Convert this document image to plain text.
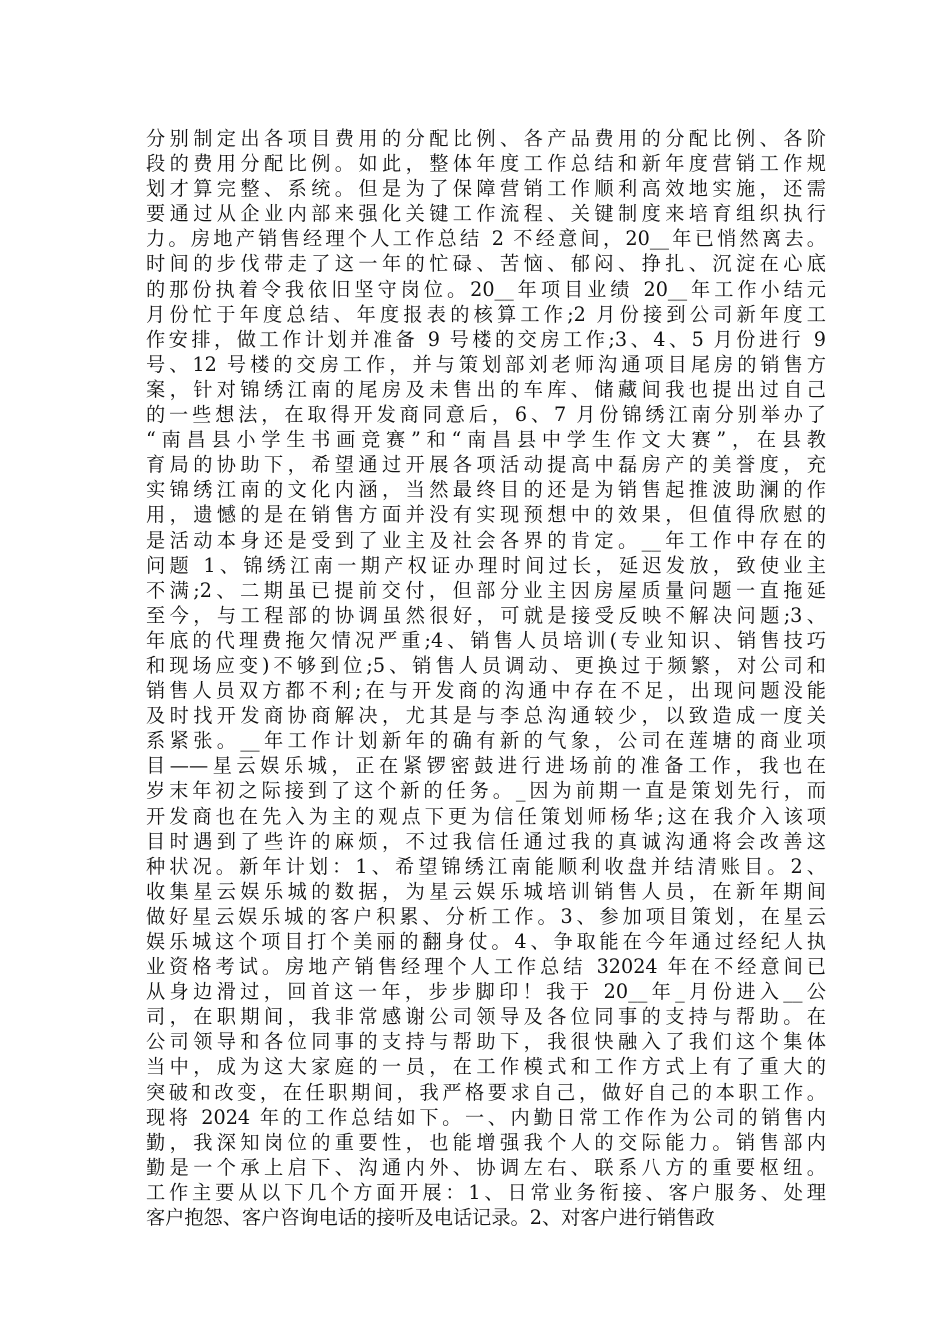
分别制定出各项目费用的分配比例、各产品费用的分配比例、各阶
段的费用分配比例。如此，整体年度工作总结和新年度营销工作规
划才算完整、系统。但是为了保障营销工作顺利高效地实施，还需
要通过从企业内部来强化关键工作流程、关键制度来培育组织执行
力。房地产销售经理个人工作总结 2 不经意间，20__年已悄然离去。
时间的步伐带走了这一年的忙碌、苦恼、郁闷、挣扎、沉淀在心底
的那份执着令我依旧坚守岗位。20__年项目业绩 20__年工作小结元
月份忙于年度总结、年度报表的核算工作;2 月份接到公司新年度工
作安排，做工作计划并准备 9 号楼的交房工作;3、4、5 月份进行 9
号、12 号楼的交房工作，并与策划部刘老师沟通项目尾房的销售方
案，针对锦绣江南的尾房及未售出的车库、储藏间我也提出过自己
的一些想法，在取得开发商同意后，6、7 月份锦绣江南分别举办了
“南昌县小学生书画竞赛”和“南昌县中学生作文大赛”，在县教
育局的协助下，希望通过开展各项活动提高中磊房产的美誉度，充
实锦绣江南的文化内涵，当然最终目的还是为销售起推波助澜的作
用，遗憾的是在销售方面并没有实现预想中的效果，但值得欣慰的
是活动本身还是受到了业主及社会各界的肯定。__年工作中存在的
问题 1、锦绣江南一期产权证办理时间过长，延迟发放，致使业主
不满;2、二期虽已提前交付，但部分业主因房屋质量问题一直拖延
至今，与工程部的协调虽然很好，可就是接受反映不解决问题;3、
年底的代理费拖欠情况严重;4、销售人员培训(专业知识、销售技巧
和现场应变)不够到位;5、销售人员调动、更换过于频繁，对公司和
销售人员双方都不利;在与开发商的沟通中存在不足，出现问题没能
及时找开发商协商解决，尤其是与李总沟通较少，以致造成一度关
系紧张。__年工作计划新年的确有新的气象，公司在莲塘的商业项
目——星云娱乐城，正在紧锣密鼓进行进场前的准备工作，我也在
岁末年初之际接到了这个新的任务。_因为前期一直是策划先行，而
开发商也在先入为主的观点下更为信任策划师杨华;这在我介入该项
目时遇到了些许的麻烦，不过我信任通过我的真诚沟通将会改善这
种状况。新年计划：1、希望锦绣江南能顺利收盘并结清账目。2、
收集星云娱乐城的数据，为星云娱乐城培训销售人员，在新年期间
做好星云娱乐城的客户积累、分析工作。3、参加项目策划，在星云
娱乐城这个项目打个美丽的翻身仗。4、争取能在今年通过经纪人执
业资格考试。房地产销售经理个人工作总结 32024 年在不经意间已
从身边滑过，回首这一年，步步脚印！我于 20__年_月份进入__公
司，在职期间，我非常感谢公司领导及各位同事的支持与帮助。在
公司领导和各位同事的支持与帮助下，我很快融入了我们这个集体
当中，成为这大家庭的一员，在工作模式和工作方式上有了重大的
突破和改变，在任职期间，我严格要求自己，做好自己的本职工作。
现将 2024 年的工作总结如下。一、内勤日常工作作为公司的销售内
勤，我深知岗位的重要性，也能增强我个人的交际能力。销售部内
勤是一个承上启下、沟通内外、协调左右、联系八方的重要枢纽。
工作主要从以下几个方面开展：1、日常业务衔接、客户服务、处理
客户抱怨、客户咨询电话的接听及电话记录。2、对客户进行销售政
